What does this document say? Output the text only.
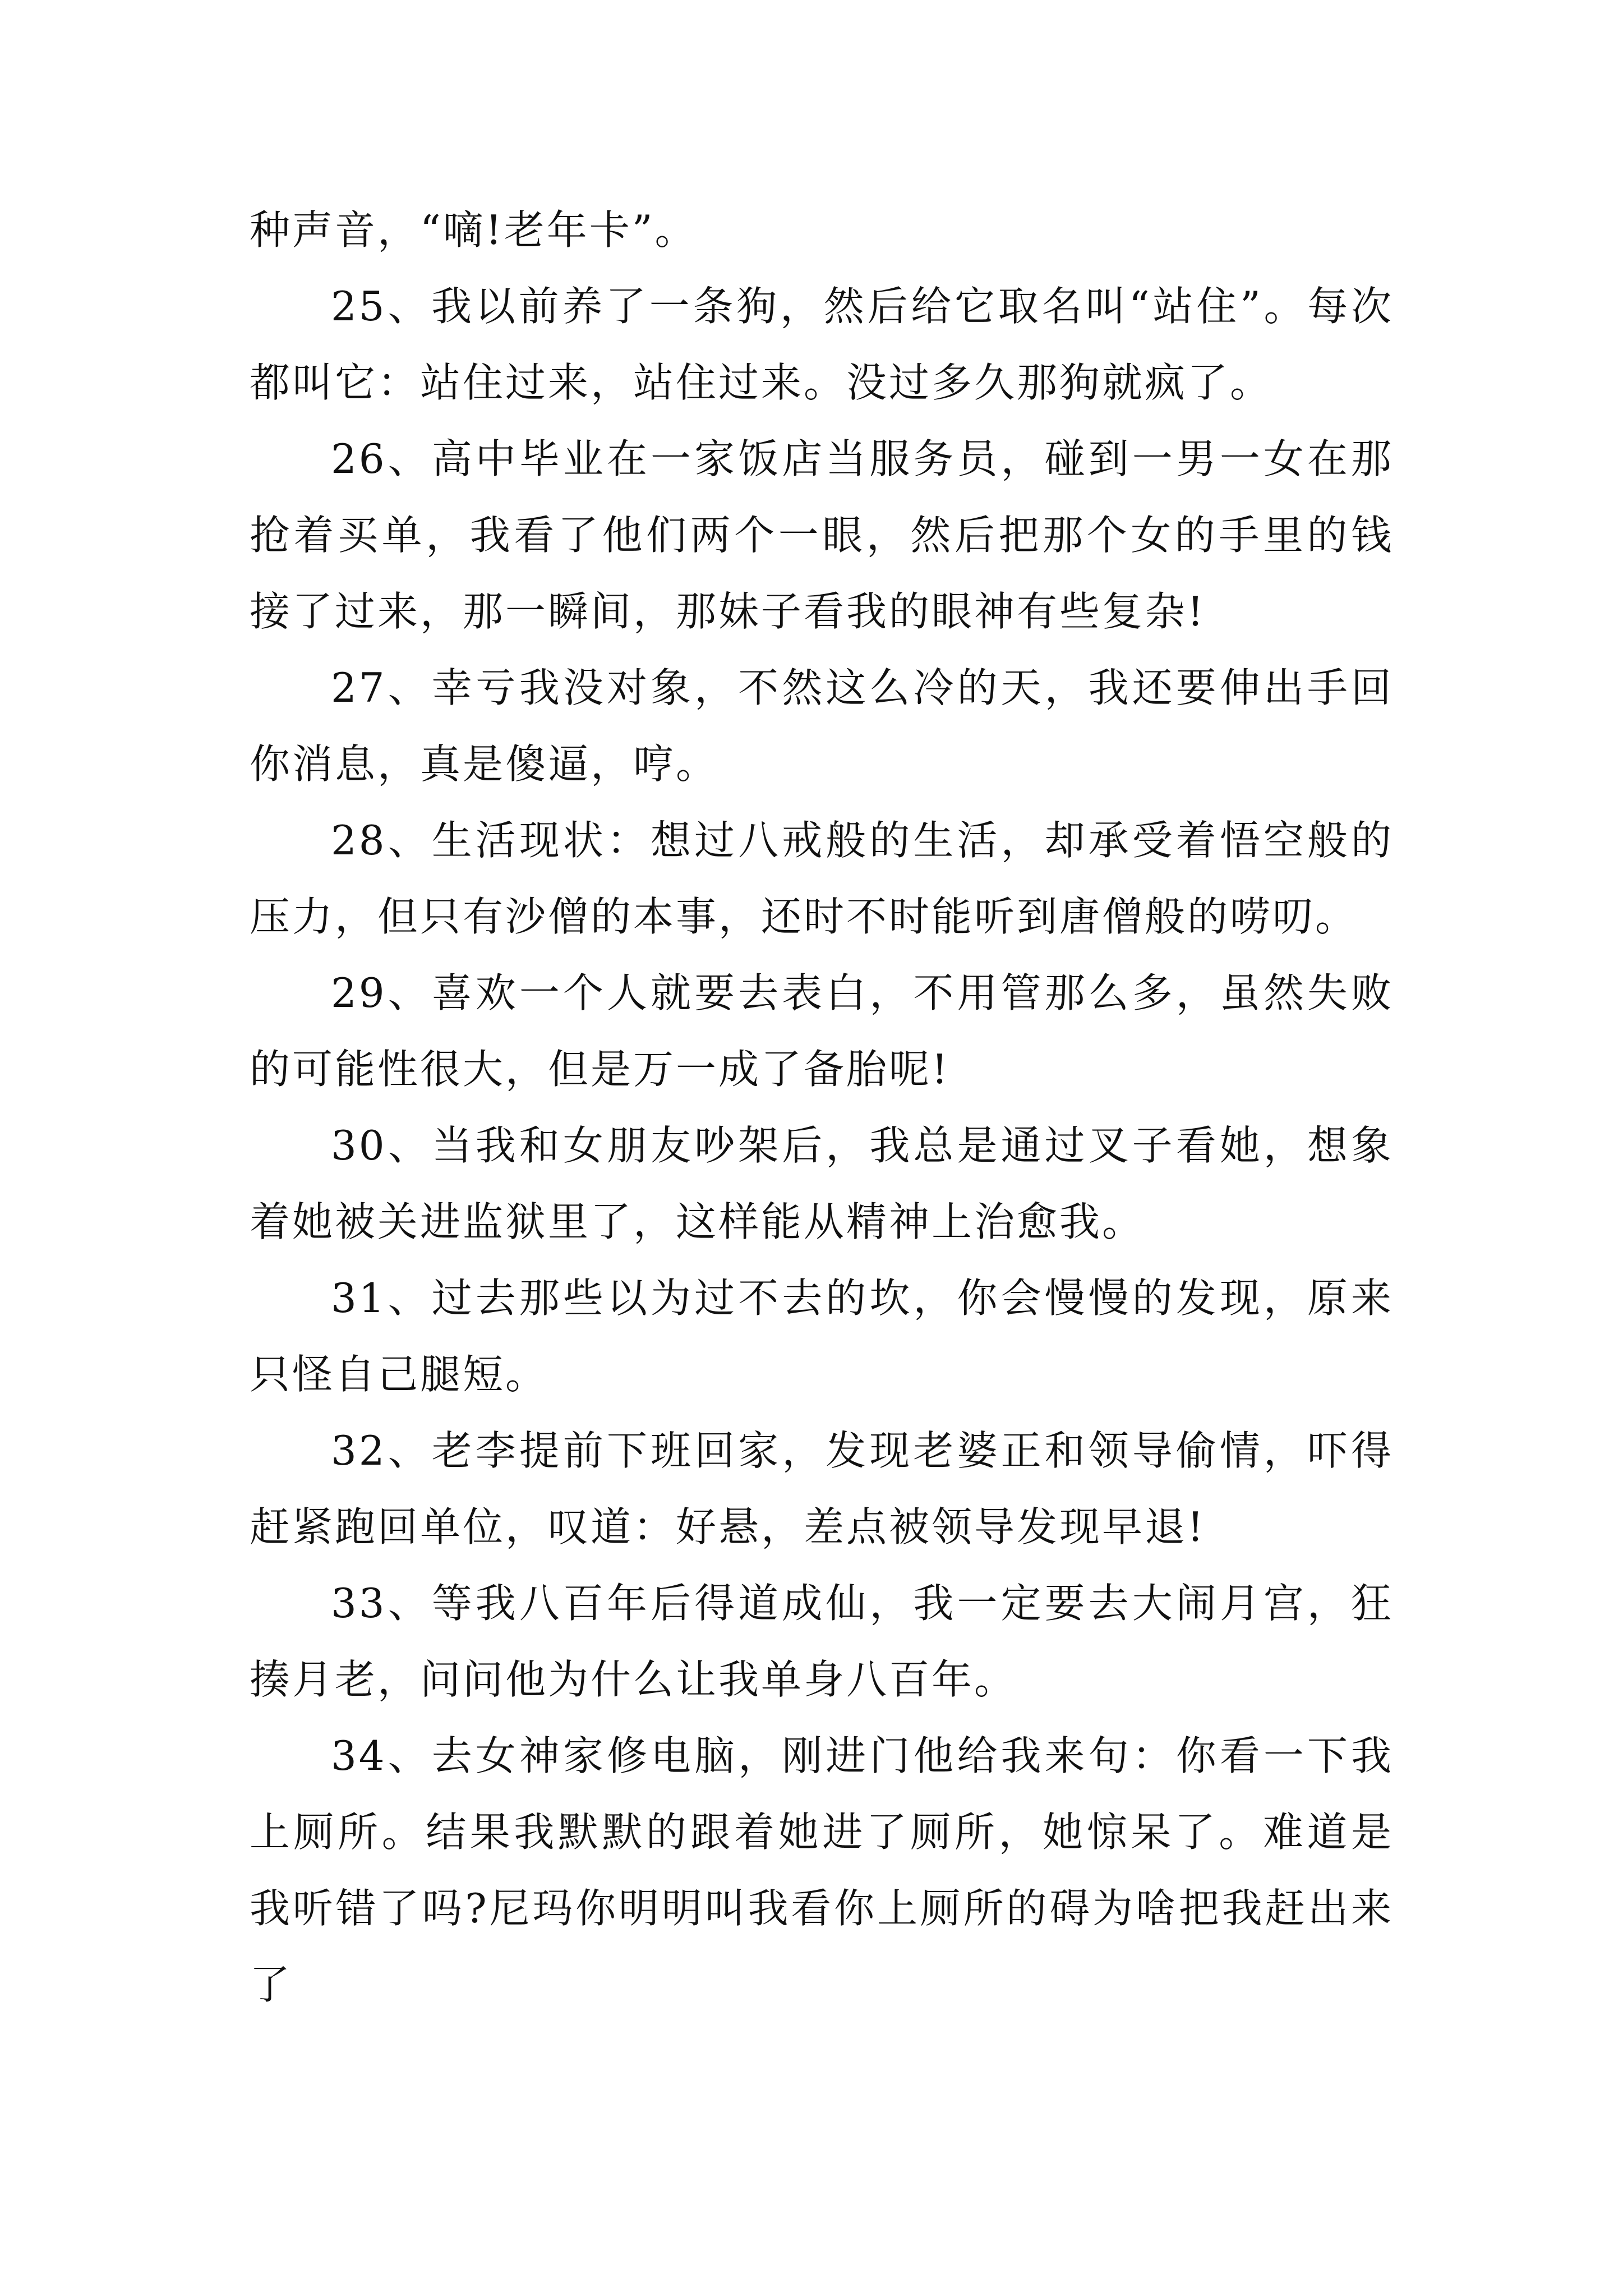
种声音，“嘀!老年卡”。

25、我以前养了一条狗，然后给它取名叫“站住”。每次都叫它：站住过来，站住过来。没过多久那狗就疯了。

26、高中毕业在一家饭店当服务员，碰到一男一女在那抢着买单，我看了他们两个一眼，然后把那个女的手里的钱接了过来，那一瞬间，那妹子看我的眼神有些复杂!

27、幸亏我没对象，不然这么冷的天，我还要伸出手回你消息，真是傻逼，哼。

28、生活现状：想过八戒般的生活，却承受着悟空般的压力，但只有沙僧的本事，还时不时能听到唐僧般的唠叨。

29、喜欢一个人就要去表白，不用管那么多，虽然失败的可能性很大，但是万一成了备胎呢!

30、当我和女朋友吵架后，我总是通过叉子看她，想象着她被关进监狱里了，这样能从精神上治愈我。

31、过去那些以为过不去的坎，你会慢慢的发现，原来只怪自己腿短。

32、老李提前下班回家，发现老婆正和领导偷情，吓得赶紧跑回单位，叹道：好悬，差点被领导发现早退!

33、等我八百年后得道成仙，我一定要去大闹月宫，狂揍月老，问问他为什么让我单身八百年。

34、去女神家修电脑，刚进门他给我来句：你看一下我上厕所。结果我默默的跟着她进了厕所，她惊呆了。难道是我听错了吗?尼玛你明明叫我看你上厕所的碍为啥把我赶出来了
